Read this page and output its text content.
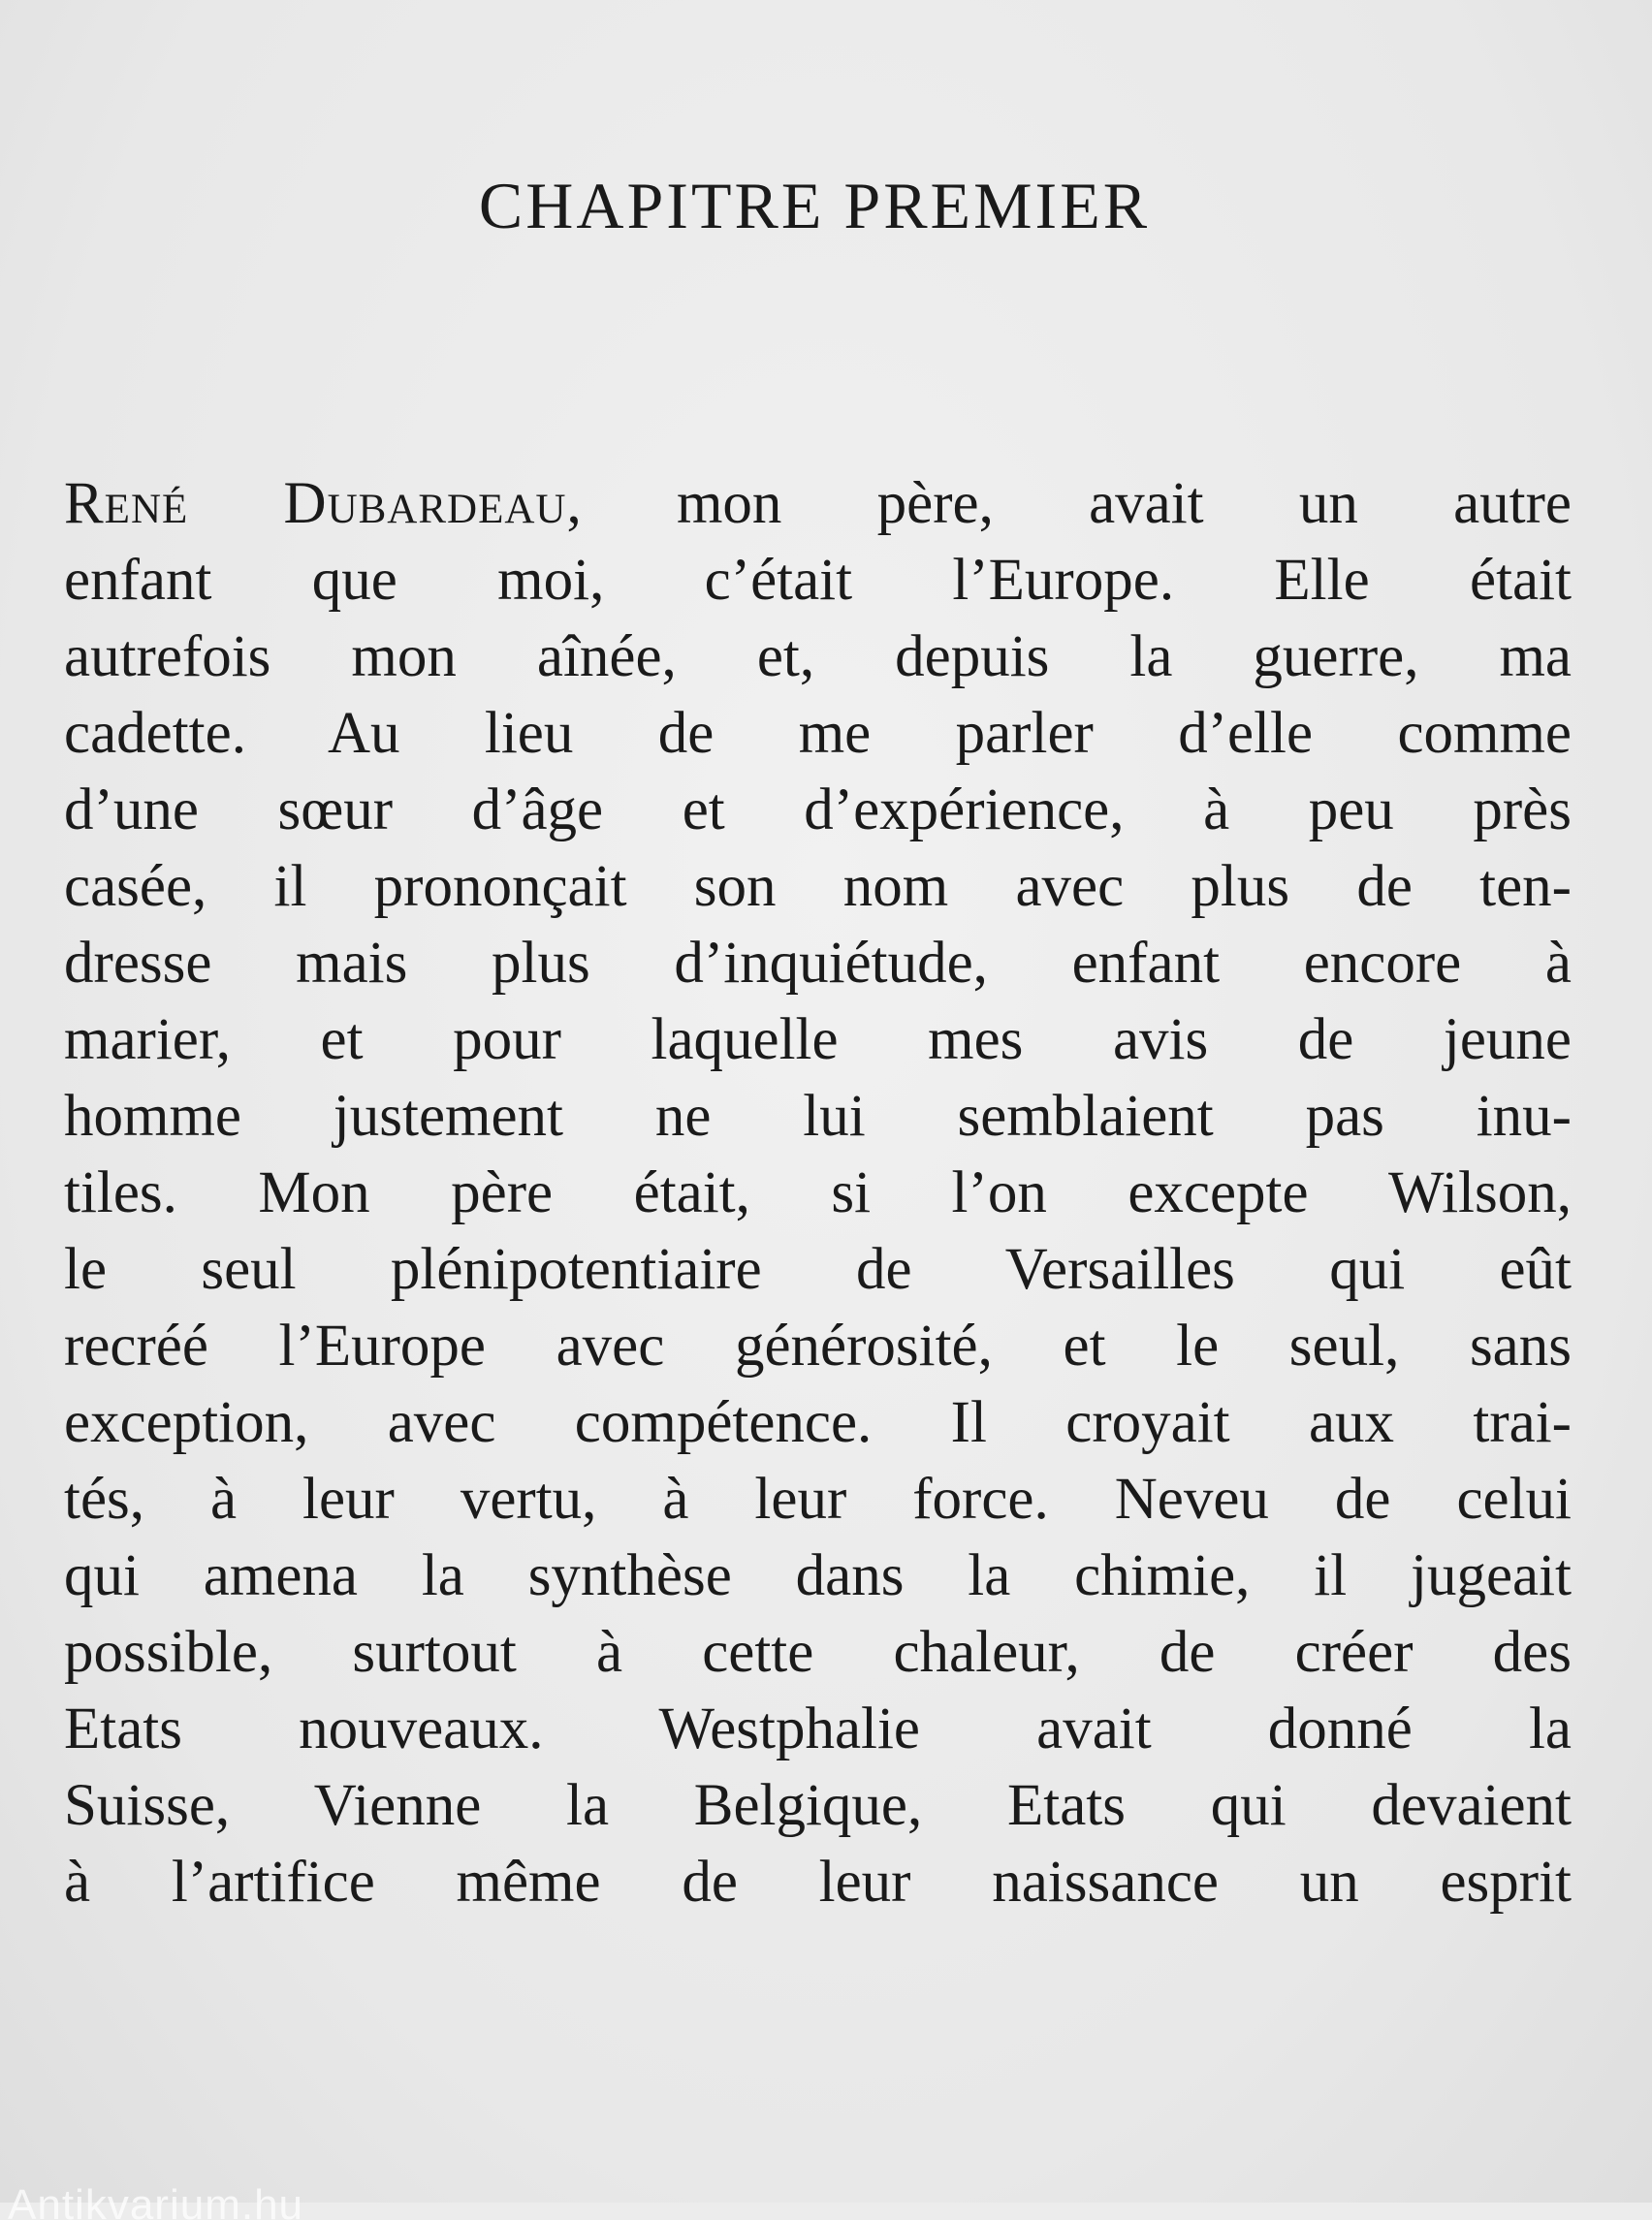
CHAPITRE PREMIER
René Dubardeau, mon père, avait un autre
enfant que moi, c’était l’Europe. Elle était
autrefois mon aînée, et, depuis la guerre, ma
cadette. Au lieu de me parler d’elle comme
d’une sœur d’âge et d’expérience, à peu près
casée, il prononçait son nom avec plus de ten-
dresse mais plus d’inquiétude, enfant encore à
marier, et pour laquelle mes avis de jeune
homme justement ne lui semblaient pas inu-
tiles. Mon père était, si l’on excepte Wilson,
le seul plénipotentiaire de Versailles qui eût
recréé l’Europe avec générosité, et le seul, sans
exception, avec compétence. Il croyait aux trai-
tés, à leur vertu, à leur force. Neveu de celui
qui amena la synthèse dans la chimie, il jugeait
possible, surtout à cette chaleur, de créer des
Etats nouveaux. Westphalie avait donné la
Suisse, Vienne la Belgique, Etats qui devaient
à l’artifice même de leur naissance un esprit
Antikvarium.hu
